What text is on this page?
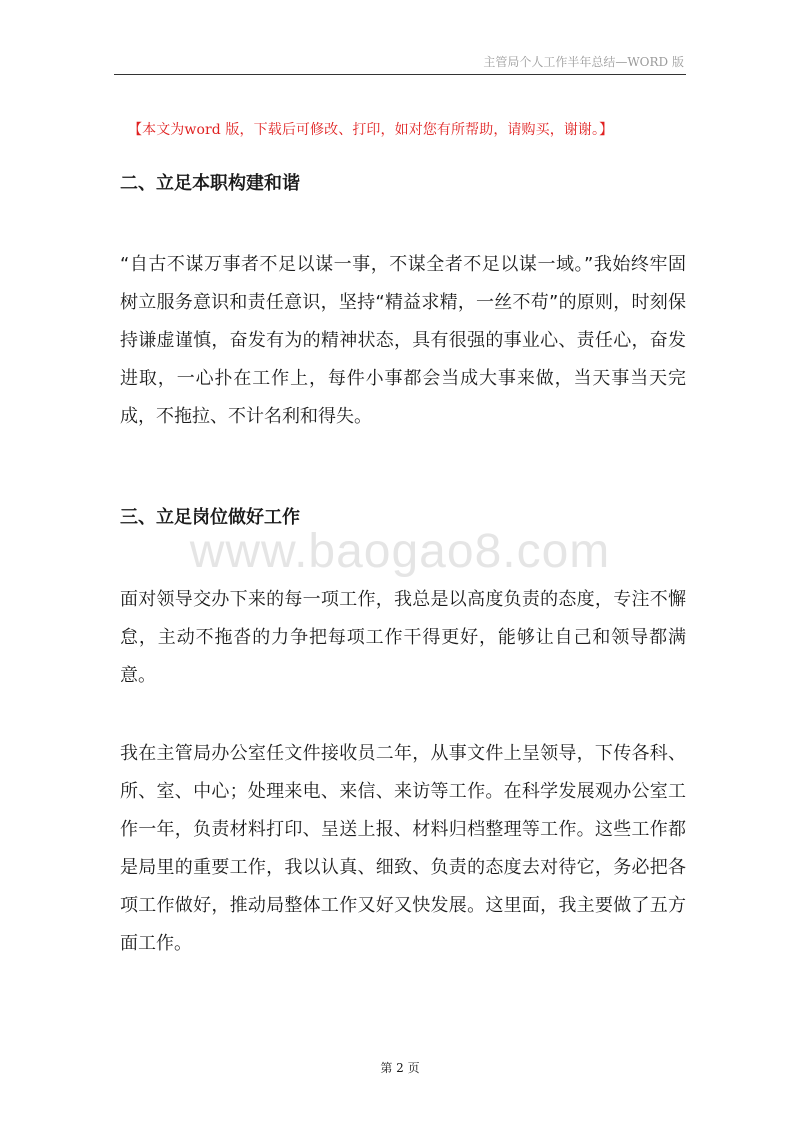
主管局个人工作半年总结—WORD 版
【本文为word 版，下载后可修改、打印，如对您有所帮助，请购买，谢谢。】
二、立足本职构建和谐

“自古不谋万事者不足以谋一事，不谋全者不足以谋一域。”我始终牢固树立服务意识和责任意识，坚持“精益求精，一丝不苟”的原则，时刻保持谦虚谨慎，奋发有为的精神状态，具有很强的事业心、责任心，奋发进取，一心扑在工作上，每件小事都会当成大事来做，当天事当天完成，不拖拉、不计名利和得失。

三、立足岗位做好工作
www.baogao8.com

面对领导交办下来的每一项工作，我总是以高度负责的态度，专注不懈怠，主动不拖沓的力争把每项工作干得更好，能够让自己和领导都满意。

我在主管局办公室任文件接收员二年，从事文件上呈领导，下传各科、所、室、中心；处理来电、来信、来访等工作。在科学发展观办公室工作一年，负责材料打印、呈送上报、材料归档整理等工作。这些工作都是局里的重要工作，我以认真、细致、负责的态度去对待它，务必把各项工作做好，推动局整体工作又好又快发展。这里面，我主要做了五方面工作。

第 2 页
